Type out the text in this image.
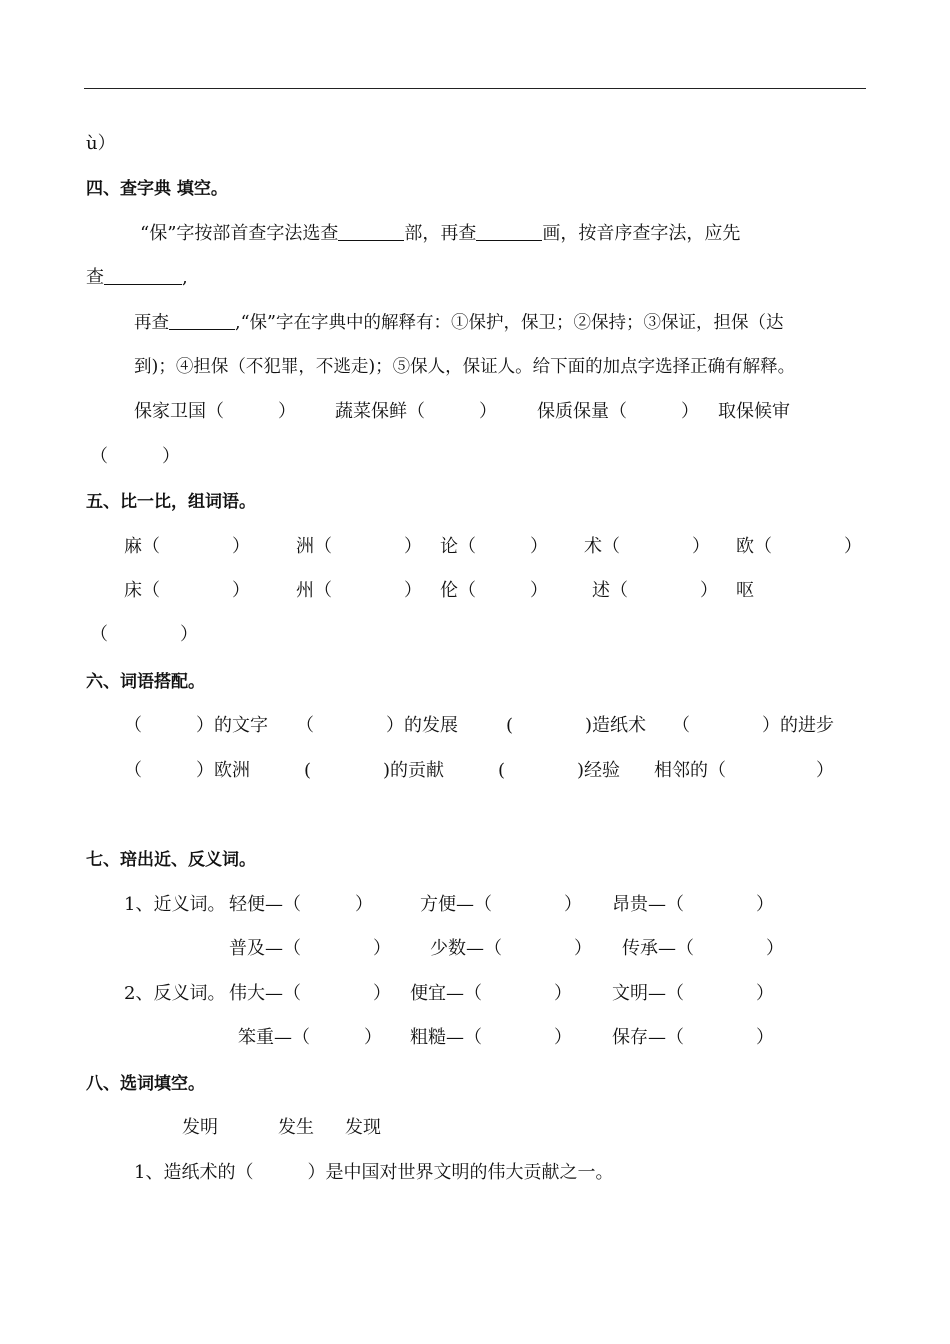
ù）
四、查字典 填空。
“保”字按部首查字法选查	部，再查	画，按音序查字法，应先
查	,
再查	,“保”字在字典中的解释有：①保护，保卫；②保持；③保证，担保（达
到)；④担保（不犯罪，不逃走)；⑤保人，保证人。给下面的加点字选择正确有解释。
保家卫国（　　　） 蔬菜保鲜（　　　） 保质保量（　　　） 取保候审
（　　　）
五、比一比，组词语。
麻（　　　　）	洲（　　　　） 论（　　　） 术（　　　　） 欧（　　　　）
床（　　　　）	州（　　　　） 伦（　　　） 述（　　　　） 呕
（　　　　）
六、词语搭配。
（　　　）的文字 （　　　　）的发展	(　　　　)造纸术 （　　　　）的进步
（　　　）欧洲	(　　　　)的贡献	(　　　　)经验 相邻的（　　　　　）
七、琣出近、反义词。
1、近义词。 轻便—（　　　）	方便—（　　　　） 昂贵—（　　　　）
普及—（　　　　） 少数—（　　　　） 传承—（　　　　）
2、反义词。 伟大—（　　　　） 便宜—（　　　　） 文明—（　　　　）
笨重—（　　　） 粗糙—（　　　　） 保存—（　　　　）
八、选词填空。
发明	发生 发现
1、造纸术的（　　　）是中国对世界文明的伟大贡献之一。
